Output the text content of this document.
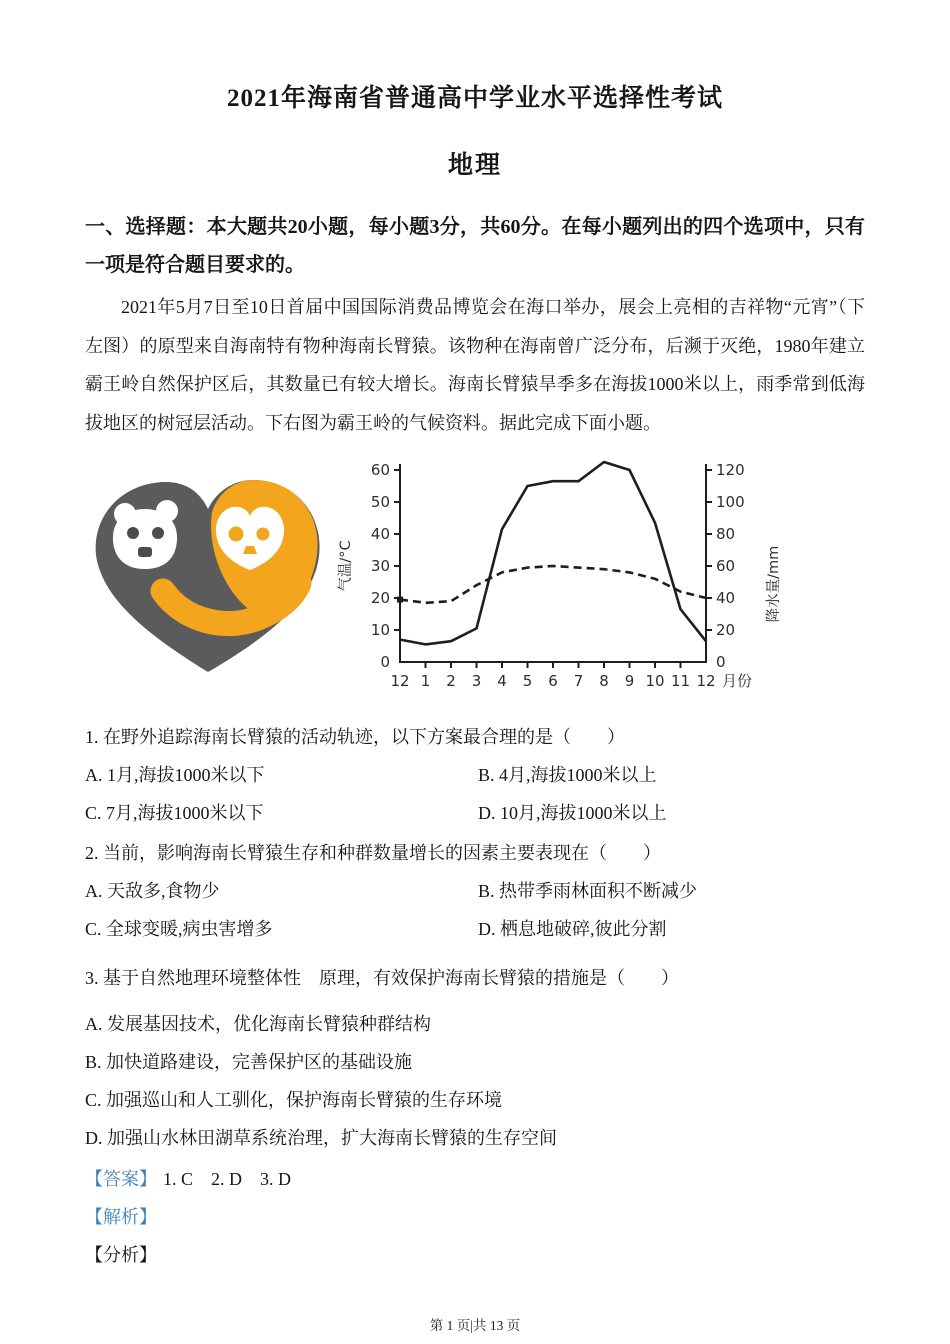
2021年海南省普通高中学业水平选择性考试
地理

一、选择题：本大题共20小题，每小题3分，共60分。在每小题列出的四个选项中，只有一项是符合题目要求的。

2021年5月7日至10日首届中国国际消费品博览会在海口举办，展会上亮相的吉祥物“元宵”（下左图）的原型来自海南特有物种海南长臂猿。该物种在海南曾广泛分布，后濒于灭绝，1980年建立霸王岭自然保护区后，其数量已有较大增长。海南长臂猿旱季多在海拔1000米以上，雨季常到低海拔地区的树冠层活动。下右图为霸王岭的气候资料。据此完成下面小题。

0
10
20
30
40
50
60
0
20
40
60
80
100
120
12 1 2 3 4 5 6 7 8 9 10 11 12 月份
气温/°C	降水量/mm

1. 在野外追踪海南长臂猿的活动轨迹，以下方案最合理的是（　　）

A. 1月,海拔1000米以下	B. 4月,海拔1000米以上
C. 7月,海拔1000米以下	D. 10月,海拔1000米以上

2. 当前，影响海南长臂猿生存和种群数量增长的因素主要表现在（　　）

A. 天敌多,食物少	B. 热带季雨林面积不断减少
C. 全球变暖,病虫害增多	D. 栖息地破碎,彼此分割

3. 基于自然地理环境整体性　原理，有效保护海南长臂猿的措施是（　　）

A. 发展基因技术，优化海南长臂猿种群结构
B. 加快道路建设，完善保护区的基础设施
C. 加强巡山和人工驯化，保护海南长臂猿的生存环境
D. 加强山水林田湖草系统治理，扩大海南长臂猿的生存空间
【答案】 1. C　2. D　3. D
【解析】
【分析】
第 1 页|共 13 页
